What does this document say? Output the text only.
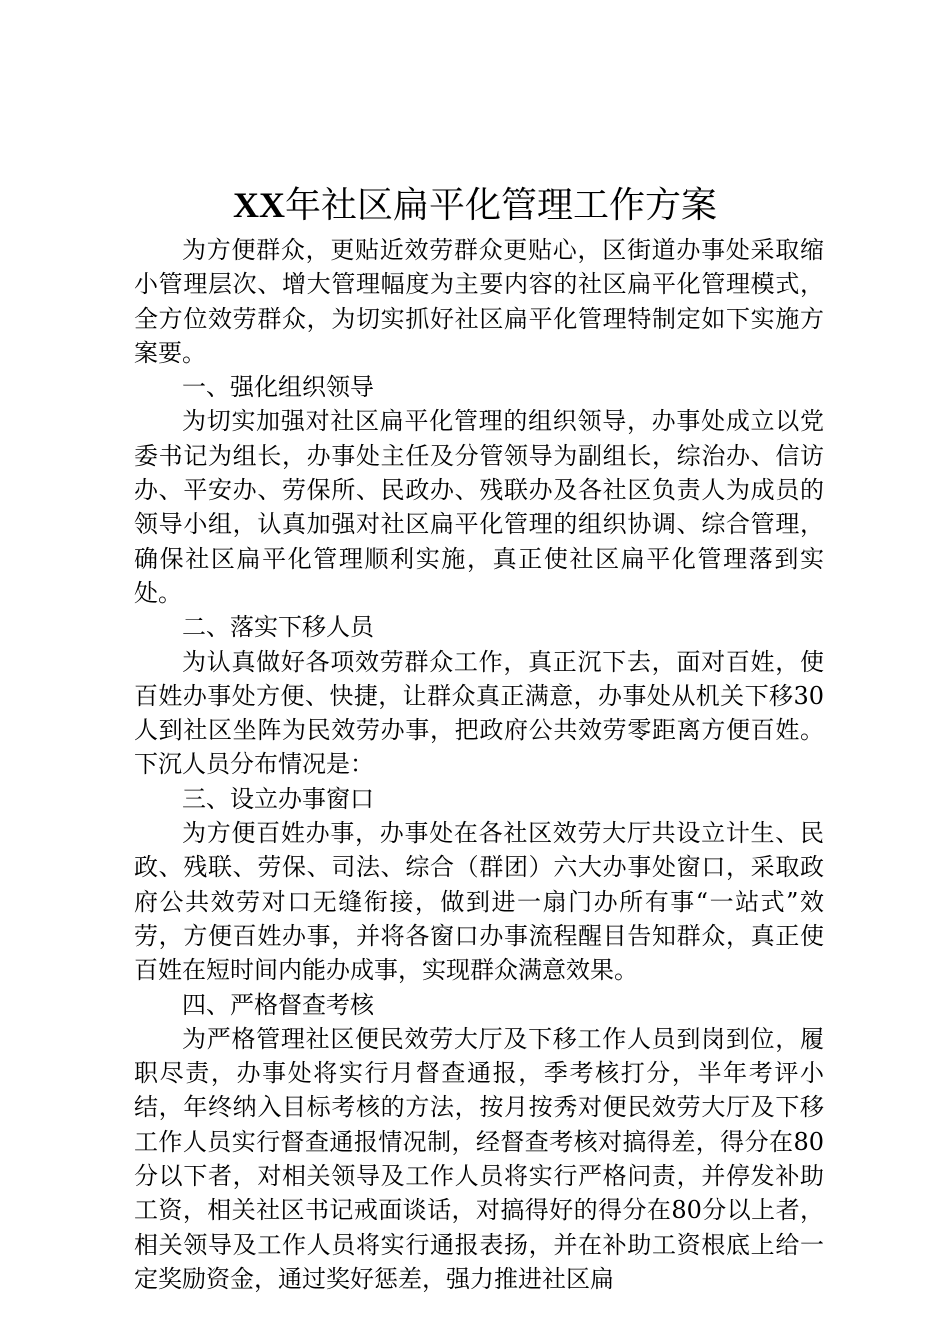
XX年社区扁平化管理工作方案

为方便群众，更贴近效劳群众更贴心，区街道办事处采取缩小管理层次、增大管理幅度为主要内容的社区扁平化管理模式，全方位效劳群众，为切实抓好社区扁平化管理特制定如下实施方案要。

一、强化组织领导

为切实加强对社区扁平化管理的组织领导，办事处成立以党委书记为组长，办事处主任及分管领导为副组长，综治办、信访办、平安办、劳保所、民政办、残联办及各社区负责人为成员的领导小组，认真加强对社区扁平化管理的组织协调、综合管理，确保社区扁平化管理顺利实施，真正使社区扁平化管理落到实处。

二、落实下移人员

为认真做好各项效劳群众工作，真正沉下去，面对百姓，使百姓办事处方便、快捷，让群众真正满意，办事处从机关下移30人到社区坐阵为民效劳办事，把政府公共效劳零距离方便百姓。下沉人员分布情况是：

三、设立办事窗口

为方便百姓办事，办事处在各社区效劳大厅共设立计生、民政、残联、劳保、司法、综合（群团）六大办事处窗口，采取政府公共效劳对口无缝衔接，做到进一扇门办所有事“一站式”效劳，方便百姓办事，并将各窗口办事流程醒目告知群众，真正使百姓在短时间内能办成事，实现群众满意效果。

四、严格督查考核

为严格管理社区便民效劳大厅及下移工作人员到岗到位，履职尽责，办事处将实行月督查通报，季考核打分，半年考评小结，年终纳入目标考核的方法，按月按秀对便民效劳大厅及下移工作人员实行督查通报情况制，经督查考核对搞得差，得分在80分以下者，对相关领导及工作人员将实行严格问责，并停发补助工资，相关社区书记戒面谈话，对搞得好的得分在80分以上者，相关领导及工作人员将实行通报表扬，并在补助工资根底上给一定奖励资金，通过奖好惩差，强力推进社区扁
